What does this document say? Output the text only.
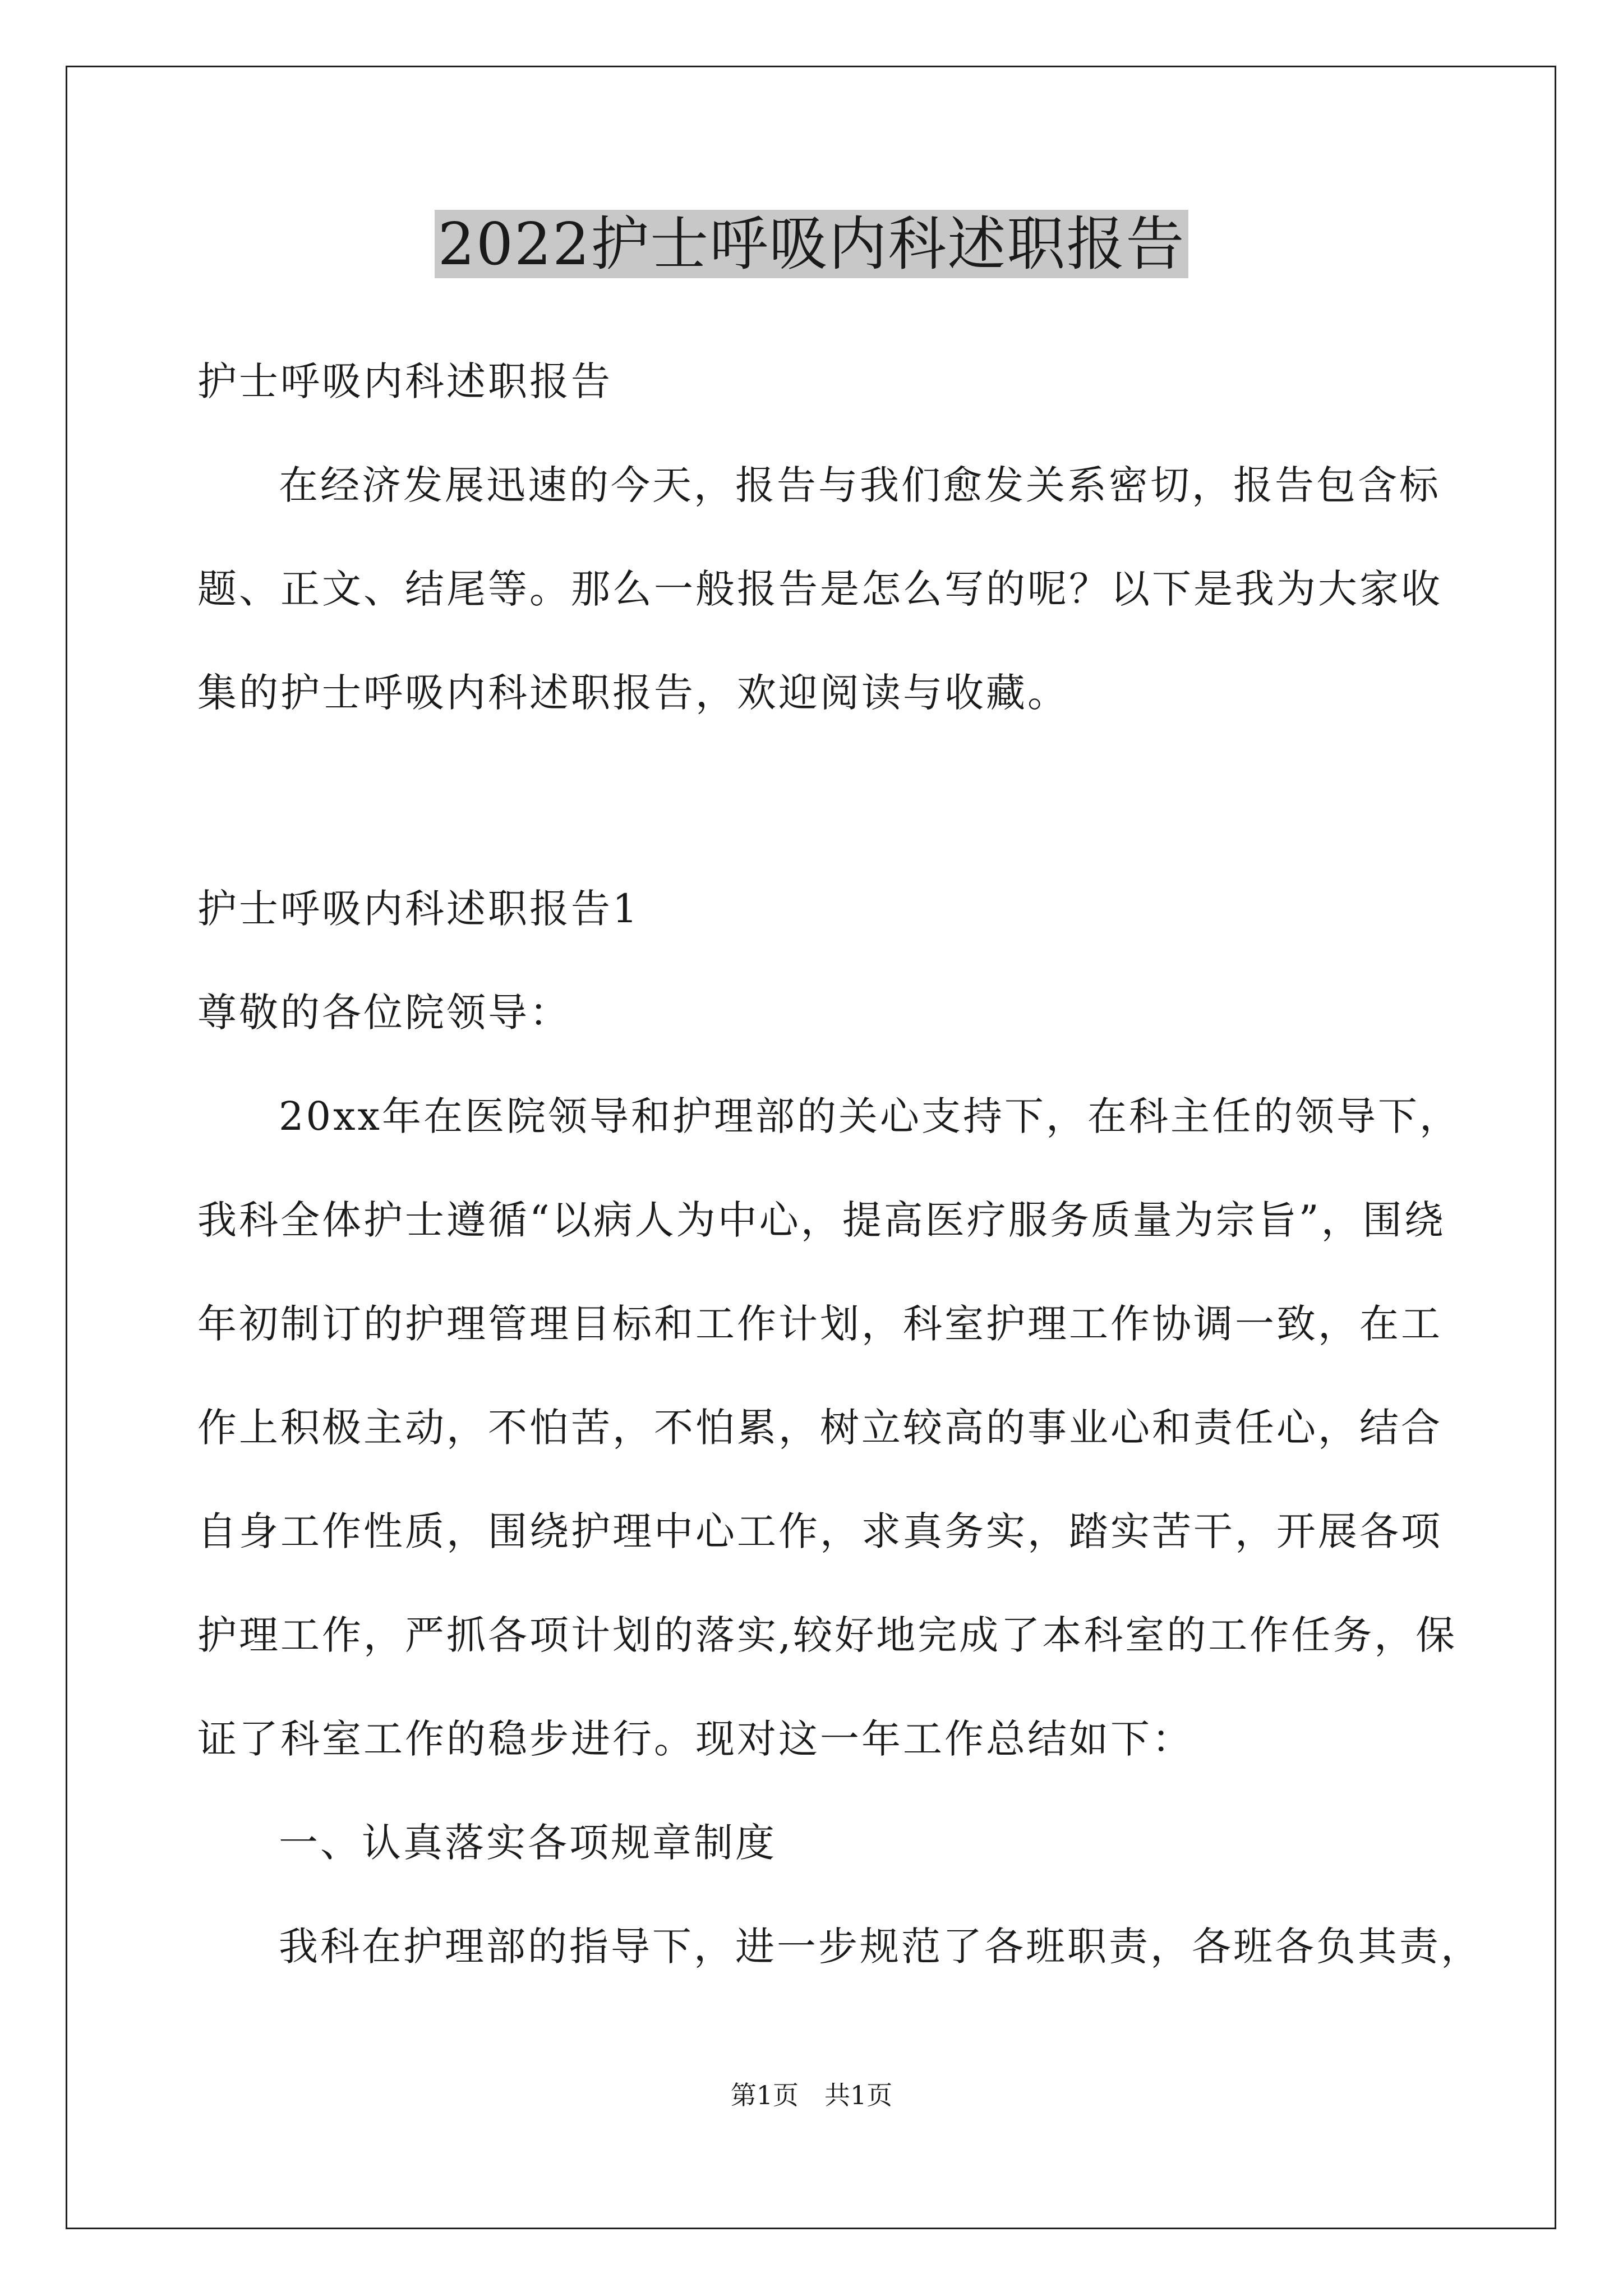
2022护士呼吸内科述职报告
护士呼吸内科述职报告
在经济发展迅速的今天，报告与我们愈发关系密切，报告包含标
题、正文、结尾等。那么一般报告是怎么写的呢？以下是我为大家收
集的护士呼吸内科述职报告，欢迎阅读与收藏。
护士呼吸内科述职报告1
尊敬的各位院领导：
20xx年在医院领导和护理部的关心支持下，在科主任的领导下，
我科全体护士遵循“以病人为中心，提高医疗服务质量为宗旨”，围绕
年初制订的护理管理目标和工作计划，科室护理工作协调一致，在工
作上积极主动，不怕苦，不怕累，树立较高的事业心和责任心，结合
自身工作性质，围绕护理中心工作，求真务实，踏实苦干，开展各项
护理工作，严抓各项计划的落实,较好地完成了本科室的工作任务，保
证了科室工作的稳步进行。现对这一年工作总结如下：
一、认真落实各项规章制度
我科在护理部的指导下，进一步规范了各班职责，各班各负其责，
第1页　共1页
